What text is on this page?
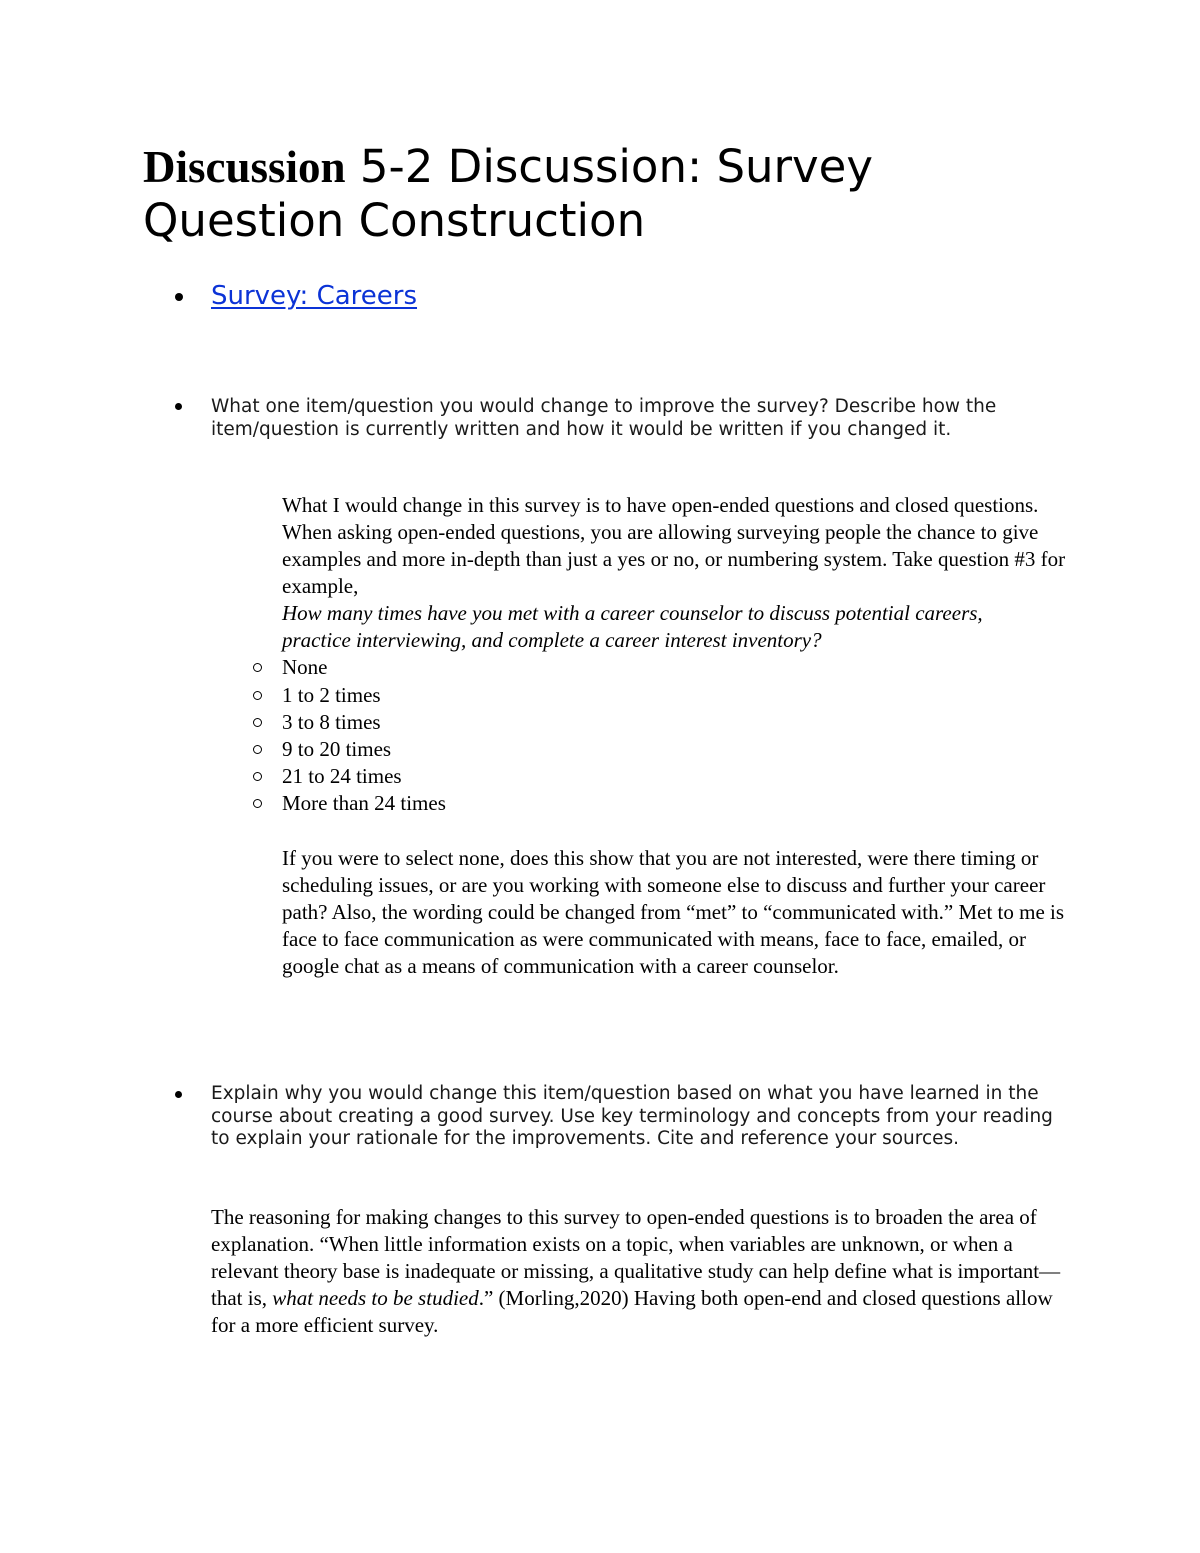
Discussion 5-2 Discussion: Survey Question Construction
Survey: Careers

What one item/question you would change to improve the survey? Describe how the item/question is currently written and how it would be written if you changed it.

What I would change in this survey is to have open-ended questions and closed questions. When asking open-ended questions, you are allowing surveying people the chance to give examples and more in-depth than just a yes or no, or numbering system. Take question #3 for example,

How many times have you met with a career counselor to discuss potential careers, practice interviewing, and complete a career interest inventory?

None
1 to 2 times
3 to 8 times
9 to 20 times
21 to 24 times
More than 24 times

If you were to select none, does this show that you are not interested, were there timing or scheduling issues, or are you working with someone else to discuss and further your career path? Also, the wording could be changed from “met” to “communicated with.” Met to me is face to face communication as were communicated with means, face to face, emailed, or google chat as a means of communication with a career counselor.

Explain why you would change this item/question based on what you have learned in the course about creating a good survey. Use key terminology and concepts from your reading to explain your rationale for the improvements. Cite and reference your sources.

The reasoning for making changes to this survey to open-ended questions is to broaden the area of explanation. “When little information exists on a topic, when variables are unknown, or when a relevant theory base is inadequate or missing, a qualitative study can help define what is important—that is, what needs to be studied.” (Morling,2020) Having both open-end and closed questions allow for a more efficient survey.
